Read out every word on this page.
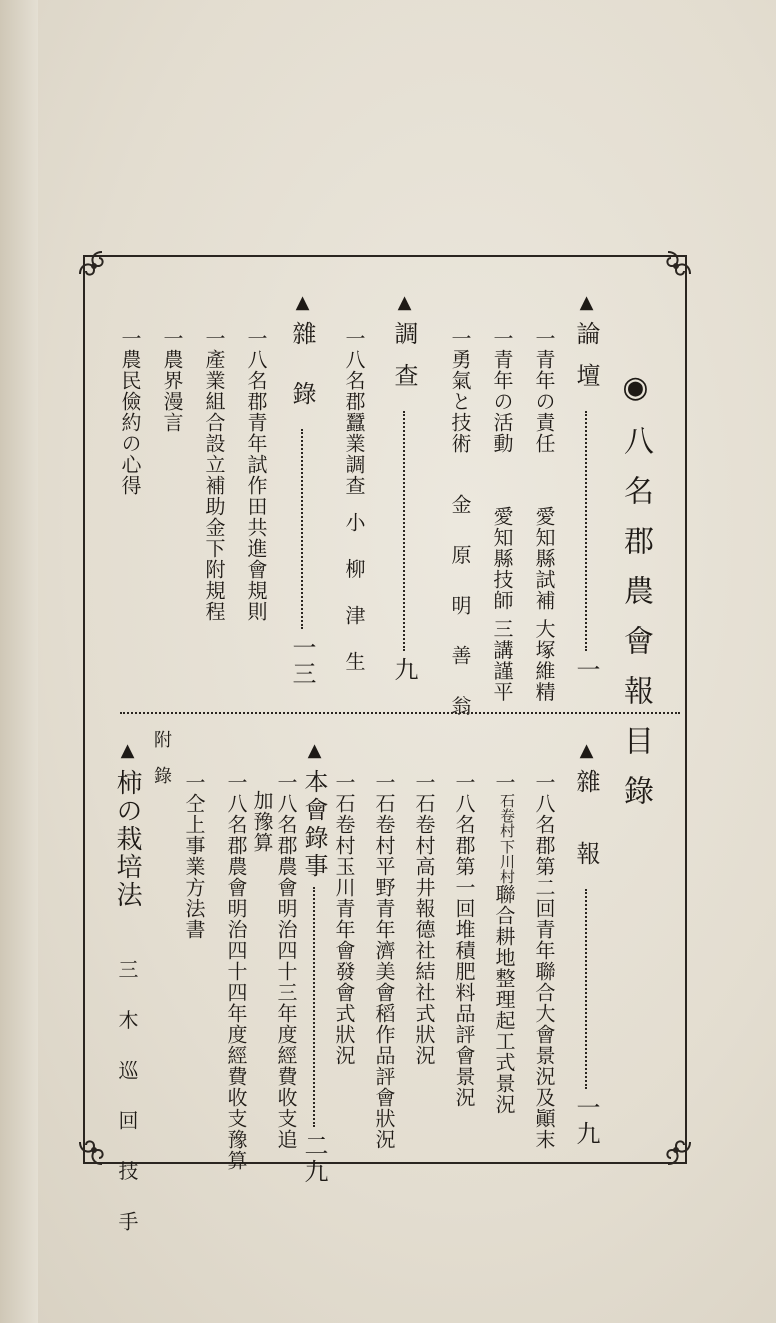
◉八名郡農會報目錄
▲論壇一
一青年の責任愛知縣試補 大塚維精
一青年の活動愛知縣技師 三講謹平
一勇氣と技術金 原 明 善 翁
▲調查九
一八名郡蠶業調查小 柳 津 生
▲雜錄一三
一八名郡青年試作田共進會規則
一產業組合設立補助金下附規程
一農界漫言
一農民儉約の心得
▲雜報一九
一八名郡第二回青年聯合大會景況及顚末
一
下川村
石卷村
聯合耕地整理起工式景況
一八名郡第一回堆積肥料品評會景況
一石卷村高井報德社結社式狀況
一石卷村平野青年濟美會稻作品評會狀況
一石卷村玉川青年會發會式狀況
▲本會錄事二九
一八名郡農會明治四十三年度經費收支追
加豫算
一八名郡農會明治四十四年度經費收支豫算
一仝上事業方法書
附錄
▲柿の栽培法三 木 巡 回 技 手
